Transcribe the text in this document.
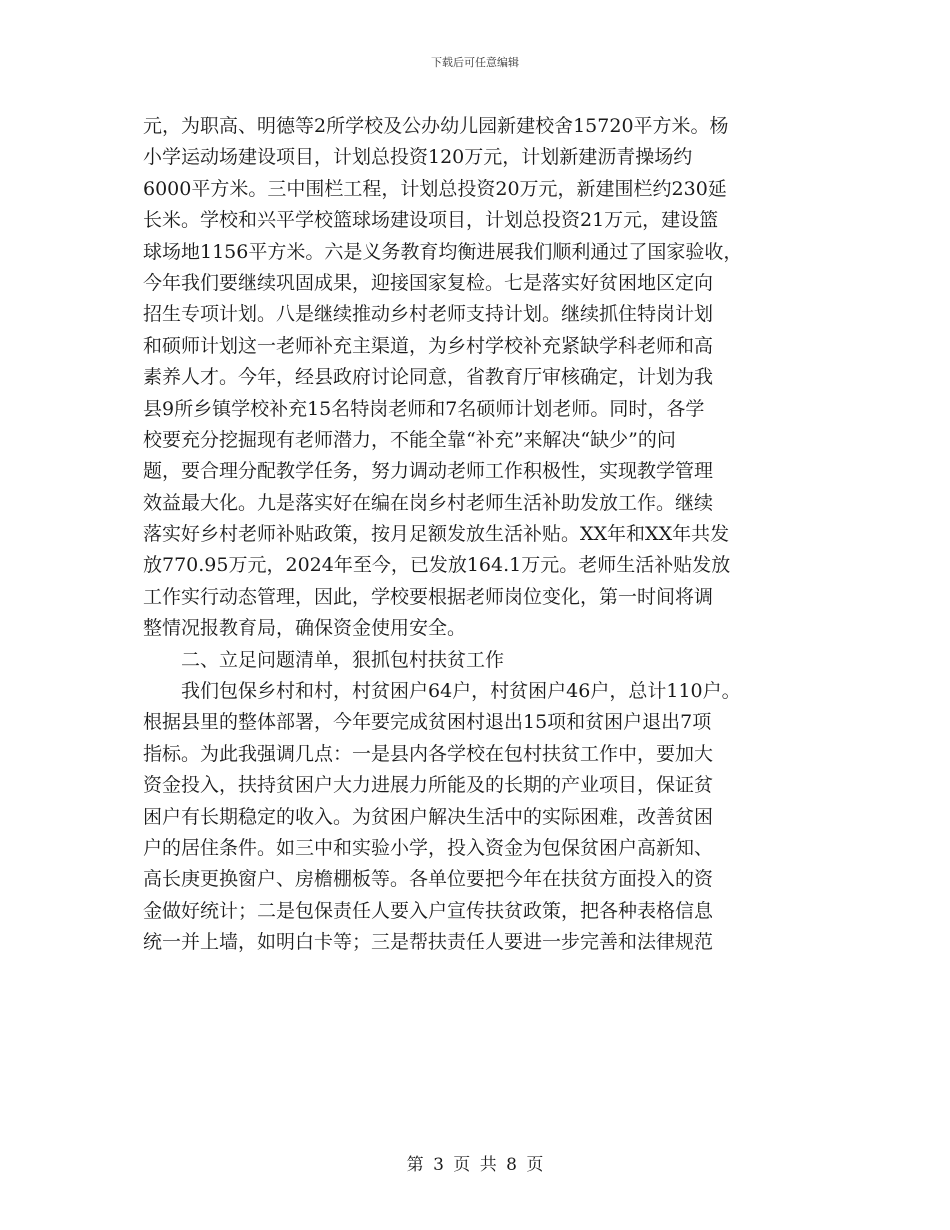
下载后可任意编辑
元，为职高、明德等2所学校及公办幼儿园新建校舍15720平方米。杨
小学运动场建设项目，计划总投资120万元，计划新建沥青操场约
6000平方米。三中围栏工程，计划总投资20万元，新建围栏约230延
长米。学校和兴平学校篮球场建设项目，计划总投资21万元，建设篮
球场地1156平方米。六是义务教育均衡进展我们顺利通过了国家验收，
今年我们要继续巩固成果，迎接国家复检。七是落实好贫困地区定向
招生专项计划。八是继续推动乡村老师支持计划。继续抓住特岗计划
和硕师计划这一老师补充主渠道，为乡村学校补充紧缺学科老师和高
素养人才。今年，经县政府讨论同意，省教育厅审核确定，计划为我
县9所乡镇学校补充15名特岗老师和7名硕师计划老师。同时，各学
校要充分挖掘现有老师潜力，不能全靠“补充”来解决“缺少”的问
题，要合理分配教学任务，努力调动老师工作积极性，实现教学管理
效益最大化。九是落实好在编在岗乡村老师生活补助发放工作。继续
落实好乡村老师补贴政策，按月足额发放生活补贴。XX年和XX年共发
放770.95万元，2024年至今，已发放164.1万元。老师生活补贴发放
工作实行动态管理，因此，学校要根据老师岗位变化，第一时间将调
整情况报教育局，确保资金使用安全。
　　二、立足问题清单，狠抓包村扶贫工作
　　我们包保乡村和村，村贫困户64户，村贫困户46户，总计110户。
根据县里的整体部署，今年要完成贫困村退出15项和贫困户退出7项
指标。为此我强调几点：一是县内各学校在包村扶贫工作中，要加大
资金投入，扶持贫困户大力进展力所能及的长期的产业项目，保证贫
困户有长期稳定的收入。为贫困户解决生活中的实际困难，改善贫困
户的居住条件。如三中和实验小学，投入资金为包保贫困户高新知、
高长庚更换窗户、房檐棚板等。各单位要把今年在扶贫方面投入的资
金做好统计；二是包保责任人要入户宣传扶贫政策，把各种表格信息
统一并上墙，如明白卡等；三是帮扶责任人要进一步完善和法律规范
第 3 页 共 8 页
